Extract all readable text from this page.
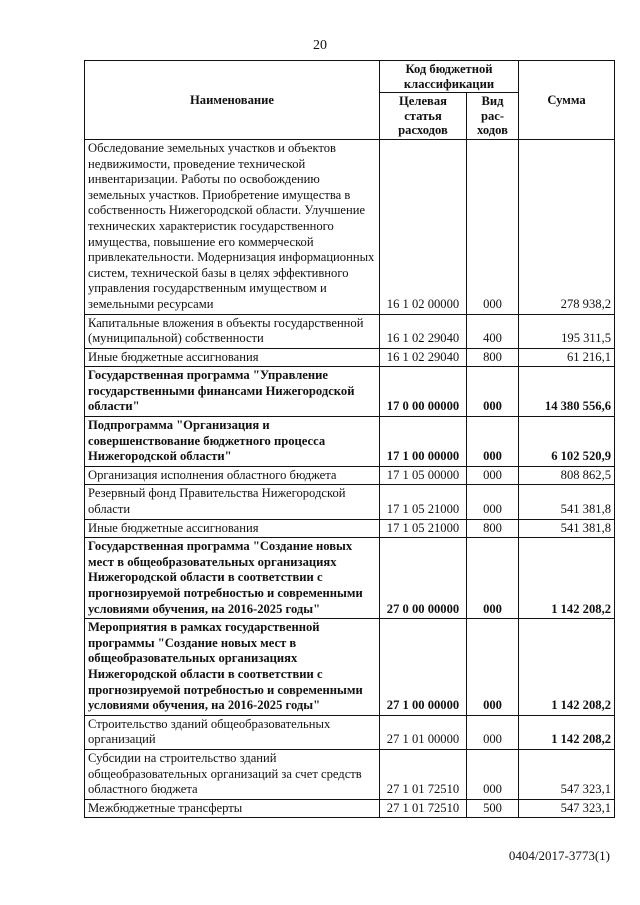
20
Наименование	Код бюджетной классификации		Сумма
	Целевая статья расходов	Вид рас-ходов	
Обследование земельных участков и объектов недвижимости, проведение технической инвентаризации. Работы по освобождению земельных участков. Приобретение имущества в собственность Нижегородской области. Улучшение технических характеристик государственного имущества, повышение его коммерческой привлекательности. Модернизация информационных систем, технической базы в целях эффективного управления государственным имуществом и земельными ресурсами	16 1 02 00000	000	278 938,2
Капитальные вложения в объекты государственной (муниципальной) собственности	16 1 02 29040	400	195 311,5
Иные бюджетные ассигнования	16 1 02 29040	800	61 216,1
Государственная программа "Управление государственными финансами Нижегородской области"	17 0 00 00000	000	14 380 556,6
Подпрограмма "Организация и совершенствование бюджетного процесса Нижегородской области"	17 1 00 00000	000	6 102 520,9
Организация исполнения областного бюджета	17 1 05 00000	000	808 862,5
Резервный фонд Правительства Нижегородской области	17 1 05 21000	000	541 381,8
Иные бюджетные ассигнования	17 1 05 21000	800	541 381,8
Государственная программа "Создание новых мест в общеобразовательных организациях Нижегородской области в соответствии с прогнозируемой потребностью и современными условиями обучения, на 2016-2025 годы"	27 0 00 00000	000	1 142 208,2
Мероприятия в рамках государственной программы "Создание новых мест в общеобразовательных организациях Нижегородской области в соответствии с прогнозируемой потребностью и современными условиями обучения, на 2016-2025 годы"	27 1 00 00000	000	1 142 208,2
Строительство зданий общеобразовательных организаций	27 1 01 00000	000	1 142 208,2
Субсидии на строительство зданий общеобразовательных организаций за счет средств областного бюджета	27 1 01 72510	000	547 323,1
Межбюджетные трансферты	27 1 01 72510	500	547 323,1
0404/2017-3773(1)
